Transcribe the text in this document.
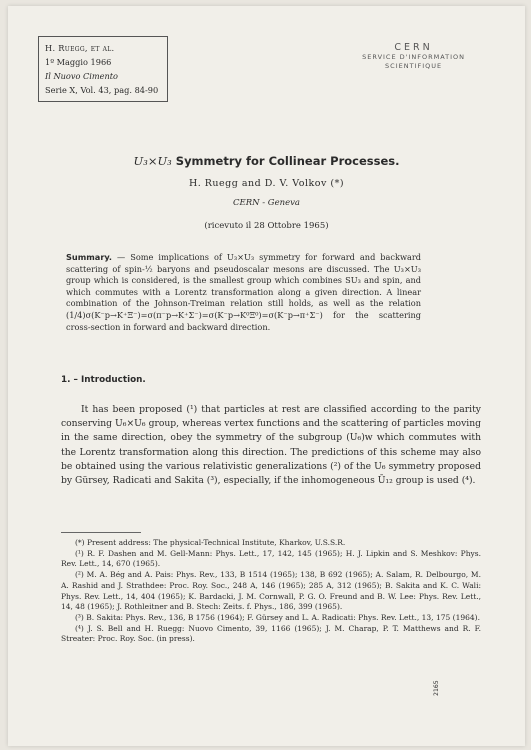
H. Ruegg, et al.
1º Maggio 1966
Il Nuovo Cimento
Serie X, Vol. 43, pag. 84-90
CERN
SERVICE D'INFORMATION
SCIENTIFIQUE
U₃×U₃ Symmetry for Collinear Processes.
H. Ruegg and D. V. Volkov (*)
CERN - Geneva
(ricevuto il 28 Ottobre 1965)
Summary. — Some implications of U₃×U₃ symmetry for forward and backward scattering of spin-½ baryons and pseudoscalar mesons are discussed. The U₃×U₃ group which is considered, is the smallest group which combines SU₃ and spin, and which commutes with a Lorentz transformation along a given direction. A linear combination of the Johnson-Treiman relation still holds, as well as the relation (1/4)σ(K⁻p→K⁺Ξ⁻)=σ(π⁻p→K⁺Σ⁻)=σ(K⁻p→K⁰Ξ⁰)=σ(K⁻p→π⁺Σ⁻) for the scattering cross-section in forward and backward direction.
1. – Introduction.
It has been proposed (¹) that particles at rest are classified according to the parity conserving U₆×U₆ group, whereas vertex functions and the scattering of particles moving in the same direction, obey the symmetry of the subgroup (U₆)w which commutes with the Lorentz transformation along this direction. The predictions of this scheme may also be obtained using the various relativistic generalizations (²) of the U₆ symmetry proposed by Gürsey, Radicati and Sakita (³), especially, if the inhomogeneous Ū₁₂ group is used (⁴).

(*) Present address: The physical-Technical Institute, Kharkov, U.S.S.R.

(¹) R. F. Dashen and M. Gell-Mann: Phys. Lett., 17, 142, 145 (1965); H. J. Lipkin and S. Meshkov: Phys. Rev. Lett., 14, 670 (1965).

(²) M. A. Bég and A. Pais: Phys. Rev., 133, B 1514 (1965); 138, B 692 (1965); A. Salam, R. Delbourgo, M. A. Rashid and J. Strathdee: Proc. Roy. Soc., 248 A, 146 (1965); 285 A, 312 (1965); B. Sakita and K. C. Wali: Phys. Rev. Lett., 14, 404 (1965); K. Bardacki, J. M. Cornwall, P. G. O. Freund and B. W. Lee: Phys. Rev. Lett., 14, 48 (1965); J. Rothleitner and B. Stech: Zeits. f. Phys., 186, 399 (1965).

(³) B. Sakita: Phys. Rev., 136, B 1756 (1964); F. Gürsey and L. A. Radicati: Phys. Rev. Lett., 13, 175 (1964).

(⁴) J. S. Bell and H. Ruegg: Nuovo Cimento, 39, 1166 (1965); J. M. Charap, P. T. Matthews and R. F. Streater: Proc. Roy. Soc. (in press).

2165
